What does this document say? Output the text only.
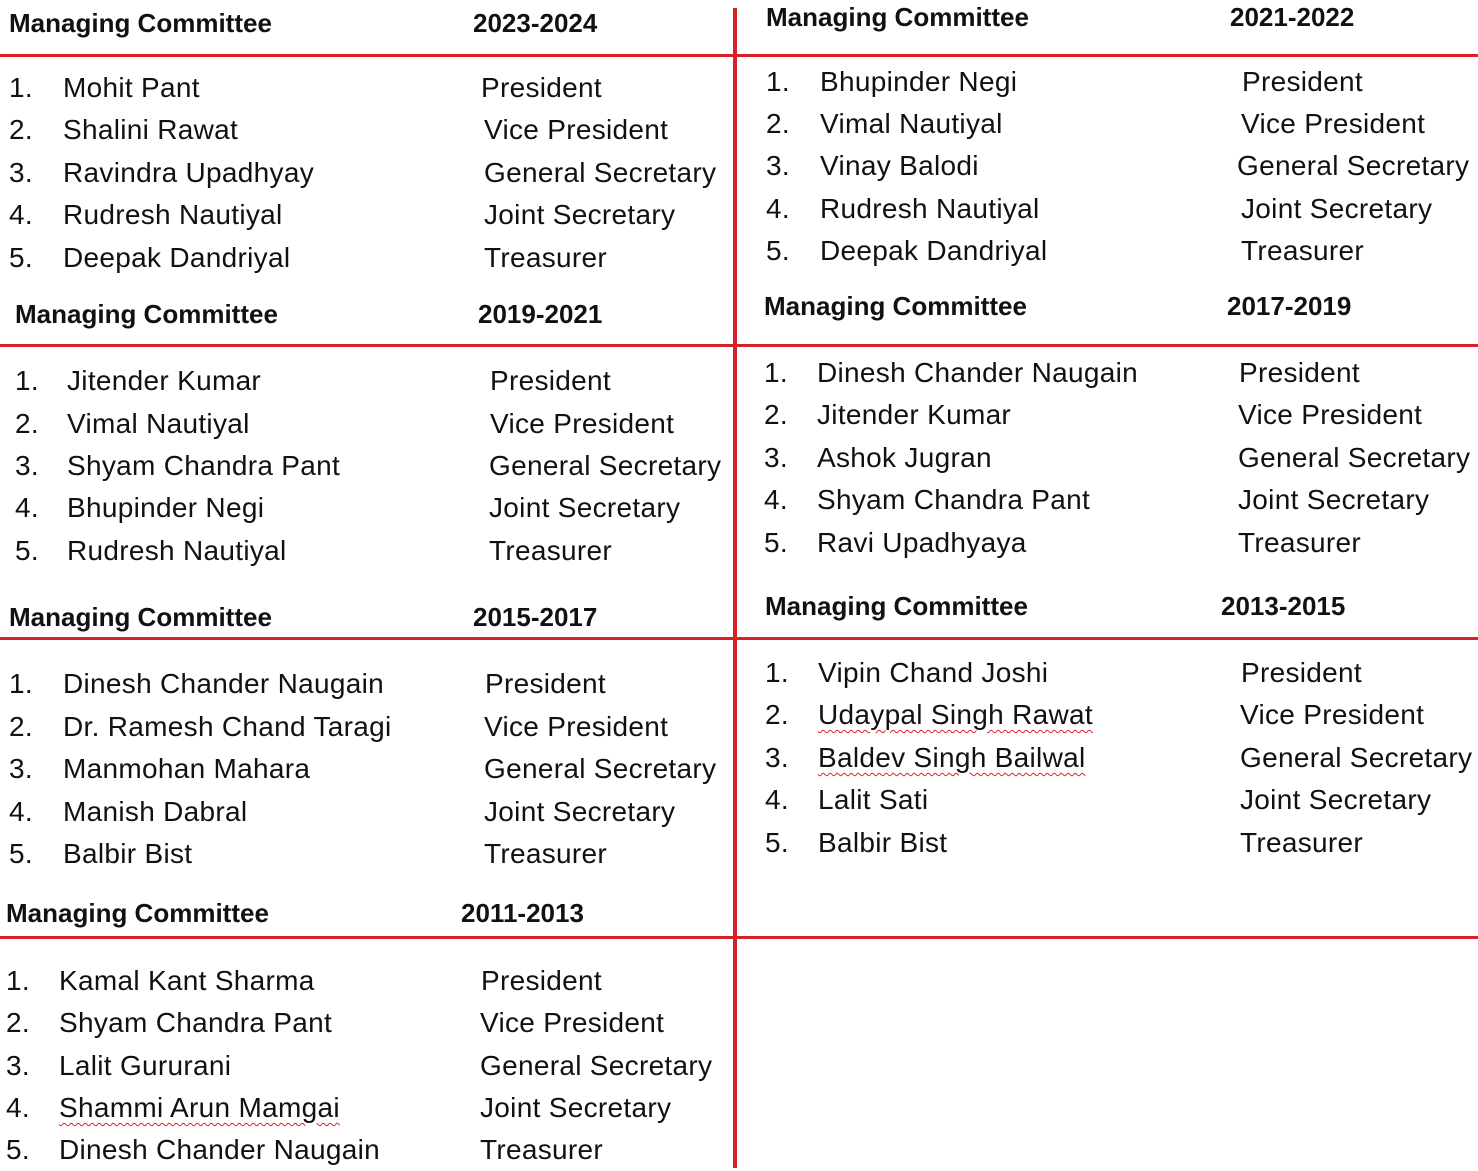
Managing Committee	2023-2024
1. Mohit Pant	President
2. Shalini Rawat	Vice President
3. Ravindra Upadhyay	General Secretary
4. Rudresh Nautiyal	Joint Secretary
5. Deepak Dandriyal	Treasurer
Managing Committee	2021-2022
1. Bhupinder Negi	President
2. Vimal Nautiyal	Vice President
3. Vinay Balodi	General Secretary
4. Rudresh Nautiyal	Joint Secretary
5. Deepak Dandriyal	Treasurer
Managing Committee	2019-2021
1. Jitender Kumar	President
2. Vimal Nautiyal	Vice President
3. Shyam Chandra Pant	General Secretary
4. Bhupinder Negi	Joint Secretary
5. Rudresh Nautiyal	Treasurer
Managing Committee	2017-2019
1. Dinesh Chander Naugain	President
2. Jitender Kumar	Vice President
3. Ashok Jugran	General Secretary
4. Shyam Chandra Pant	Joint Secretary
5. Ravi Upadhyaya	Treasurer
Managing Committee	2015-2017
1. Dinesh Chander Naugain	President
2. Dr. Ramesh Chand Taragi	Vice President
3. Manmohan Mahara	General Secretary
4. Manish Dabral	Joint Secretary
5. Balbir Bist	Treasurer
Managing Committee	2013-2015
1. Vipin Chand Joshi	President
2. Udaypal Singh Rawat	Vice President
3. Baldev Singh Bailwal	General Secretary
4. Lalit Sati	Joint Secretary
5. Balbir Bist	Treasurer
Managing Committee	2011-2013
1. Kamal Kant Sharma	President
2. Shyam Chandra Pant	Vice President
3. Lalit Gururani	General Secretary
4. Shammi Arun Mamgai	Joint Secretary
5. Dinesh Chander Naugain	Treasurer
